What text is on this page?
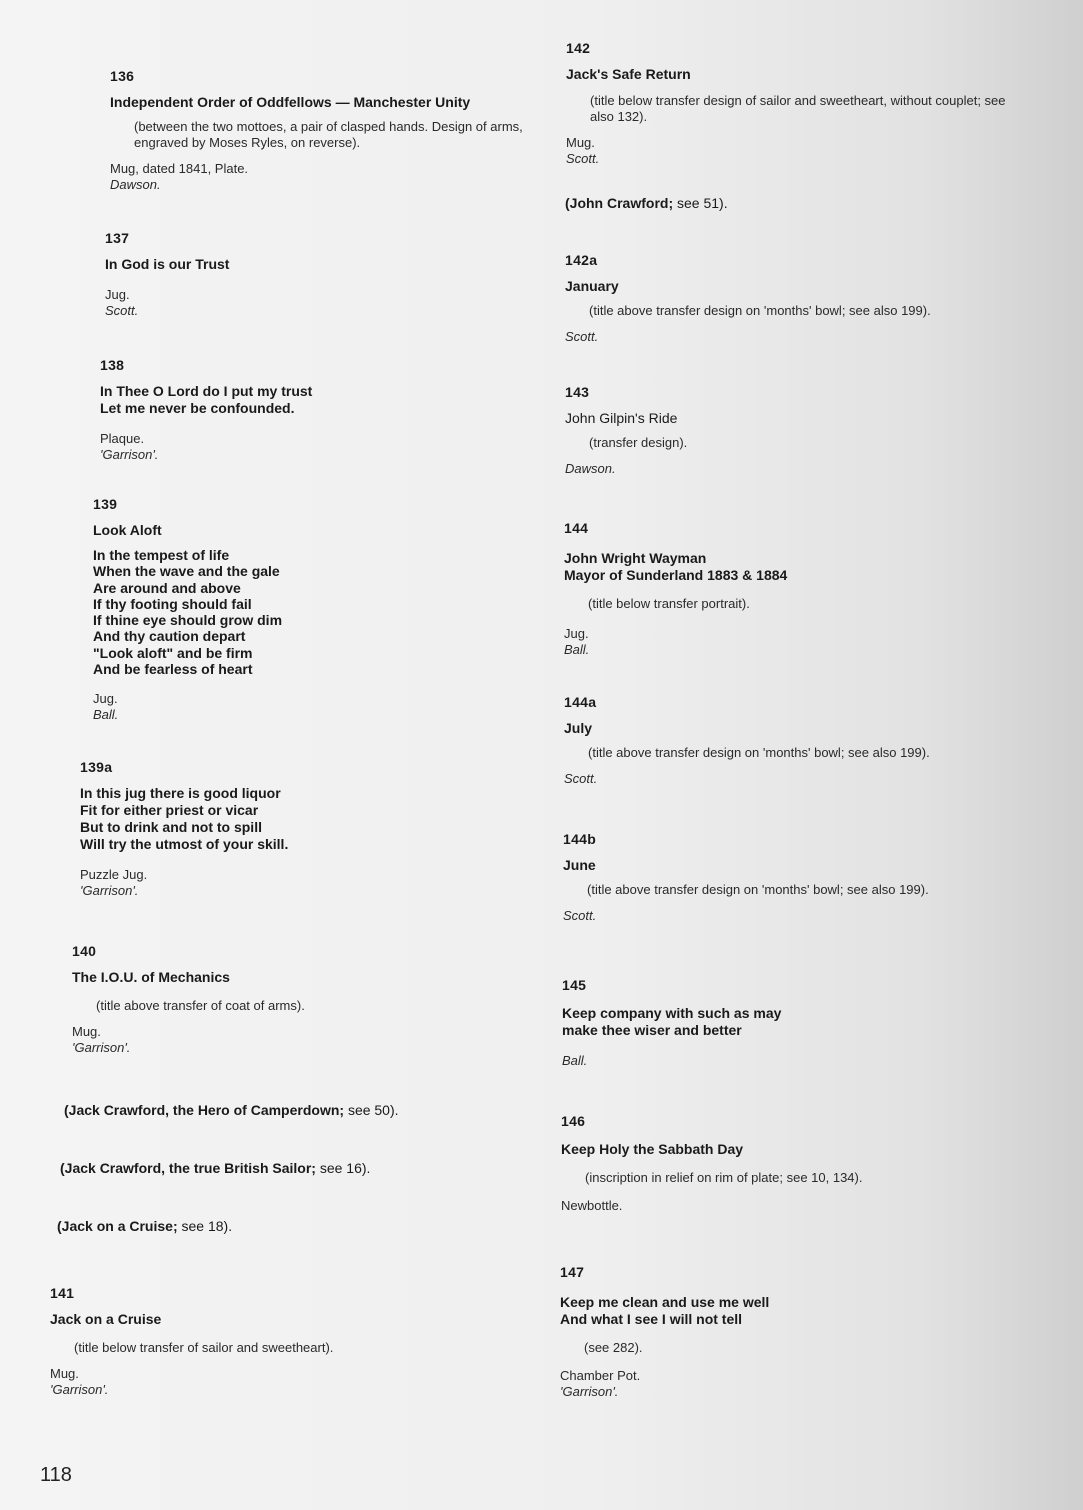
136
Independent Order of Oddfellows — Manchester Unity
(between the two mottoes, a pair of clasped hands. Design of arms, engraved by Moses Ryles, on reverse).
Mug, dated 1841, Plate.
Dawson.
137
In God is our Trust
Jug.
Scott.
138
In Thee O Lord do I put my trust
Let me never be confounded.
Plaque.
'Garrison'.
139
Look Aloft
In the tempest of life
When the wave and the gale
Are around and above
If thy footing should fail
If thine eye should grow dim
And thy caution depart
"Look aloft" and be firm
And be fearless of heart
Jug.
Ball.
139a
In this jug there is good liquor
Fit for either priest or vicar
But to drink and not to spill
Will try the utmost of your skill.
Puzzle Jug.
'Garrison'.
140
The I.O.U. of Mechanics
(title above transfer of coat of arms).
Mug.
'Garrison'.
(Jack Crawford, the Hero of Camperdown; see 50).
(Jack Crawford, the true British Sailor; see 16).
(Jack on a Cruise; see 18).
141
Jack on a Cruise
(title below transfer of sailor and sweetheart).
Mug.
'Garrison'.
142
Jack's Safe Return
(title below transfer design of sailor and sweetheart, without couplet; see also 132).
Mug.
Scott.
(John Crawford; see 51).
142a
January
(title above transfer design on 'months' bowl; see also 199).
Scott.
143
John Gilpin's Ride
(transfer design).
Dawson.
144
John Wright Wayman
Mayor of Sunderland 1883 & 1884
(title below transfer portrait).
Jug.
Ball.
144a
July
(title above transfer design on 'months' bowl; see also 199).
Scott.
144b
June
(title above transfer design on 'months' bowl; see also 199).
Scott.
145
Keep company with such as may
make thee wiser and better
Ball.
146
Keep Holy the Sabbath Day
(inscription in relief on rim of plate; see 10, 134).
Newbottle.
147
Keep me clean and use me well
And what I see I will not tell
(see 282).
Chamber Pot.
'Garrison'.
118
